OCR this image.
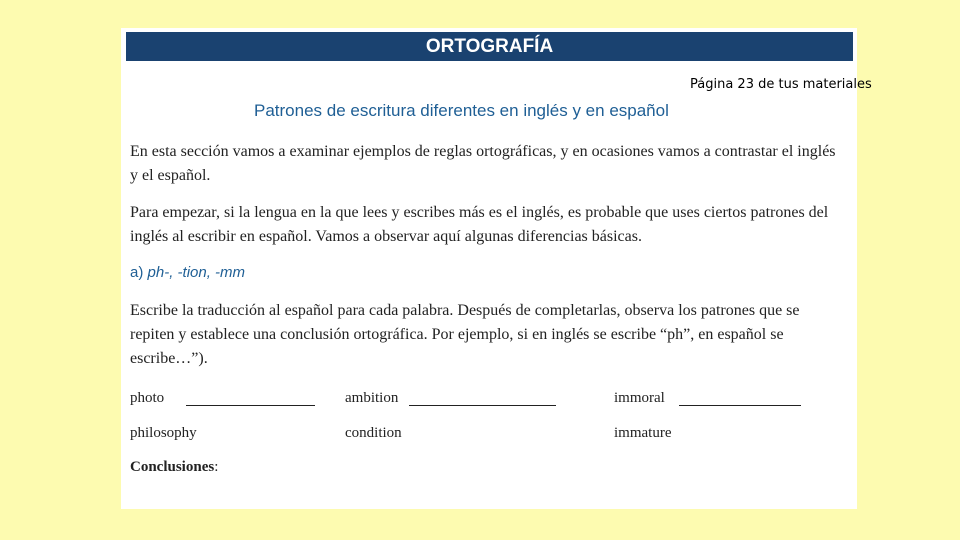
ORTOGRAFÍA
Página 23 de tus materiales
Patrones de escritura diferentes en inglés y en español

En esta sección vamos a examinar ejemplos de reglas ortográficas, y en ocasiones vamos a contrastar el inglés y el español.

Para empezar, si la lengua en la que lees y escribes más es el inglés, es probable que uses ciertos patrones del inglés al escribir en español. Vamos a observar aquí algunas diferencias básicas.

a) ph-, -tion, -mm

Escribe la traducción al español para cada palabra. Después de completarlas, observa los patrones que se repiten y establece una conclusión ortográfica. Por ejemplo, si en inglés se escribe “ph”, en español se escribe…”).

photo	ambition	immoral
philosophy	condition	immature
Conclusiones:
